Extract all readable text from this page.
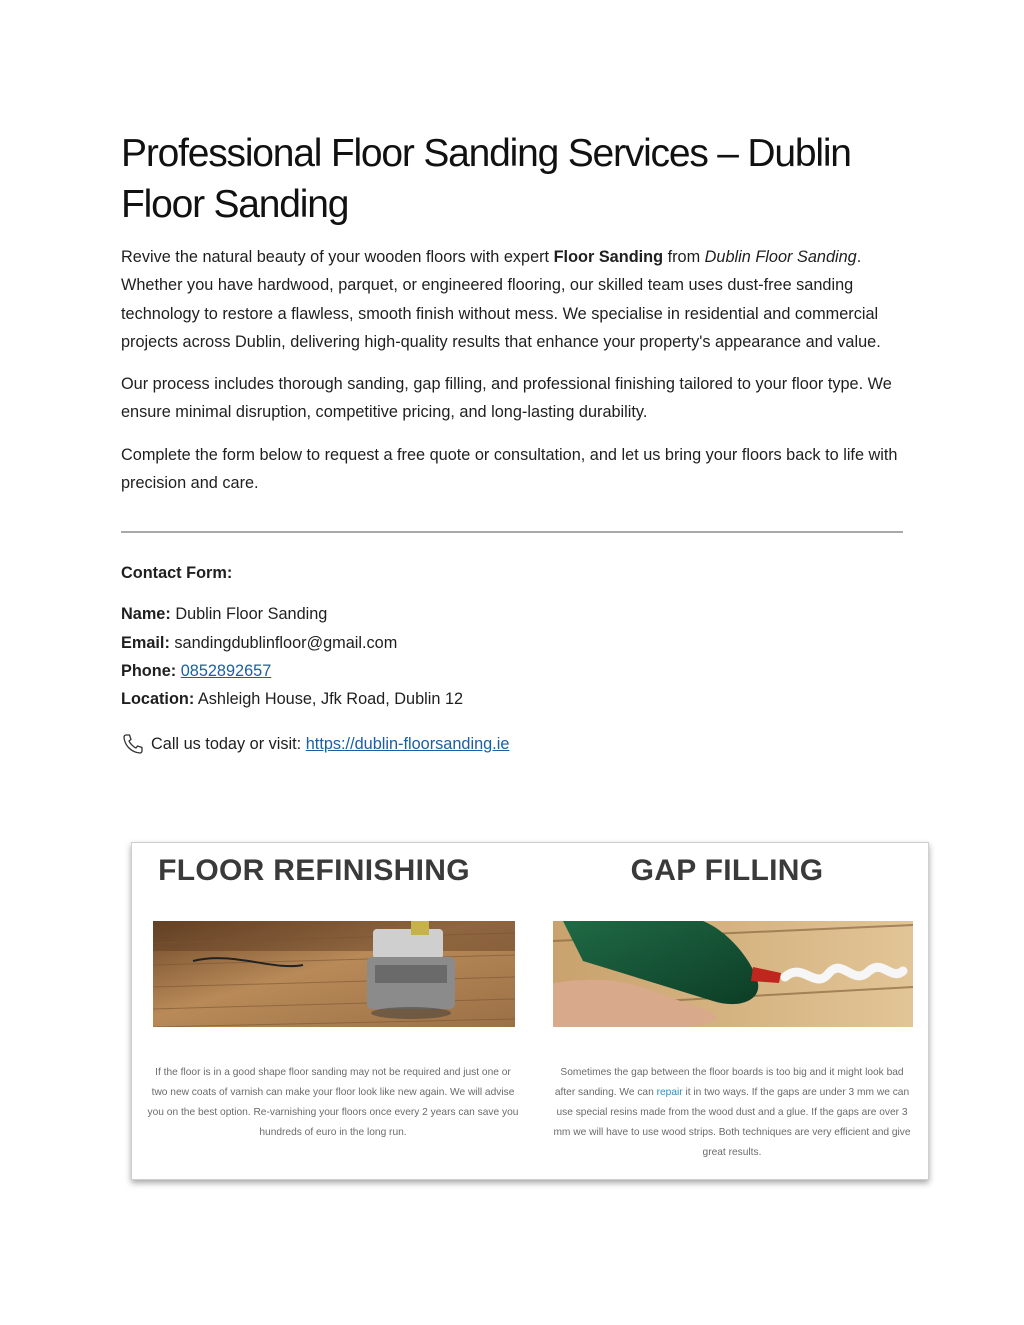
Professional Floor Sanding Services – Dublin Floor Sanding

Revive the natural beauty of your wooden floors with expert Floor Sanding from Dublin Floor Sanding. Whether you have hardwood, parquet, or engineered flooring, our skilled team uses dust-free sanding technology to restore a flawless, smooth finish without mess. We specialise in residential and commercial projects across Dublin, delivering high-quality results that enhance your property's appearance and value.

Our process includes thorough sanding, gap filling, and professional finishing tailored to your floor type. We ensure minimal disruption, competitive pricing, and long-lasting durability.

Complete the form below to request a free quote or consultation, and let us bring your floors back to life with precision and care.

Contact Form:
Name: Dublin Floor Sanding
Email: sandingdublinfloor@gmail.com
Phone: 0852892657
Location: Ashleigh House, Jfk Road, Dublin 12
Call us today or visit: https://dublin-floorsanding.ie
FLOOR REFINISHING
If the floor is in a good shape floor sanding may not be required and just one or two new coats of varnish can make your floor look like new again. We will advise you on the best option. Re-varnishing your floors once every 2 years can save you hundreds of euro in the long run.
GAP FILLING
Sometimes the gap between the floor boards is too big and it might look bad after sanding. We can repair it in two ways. If the gaps are under 3 mm we can use special resins made from the wood dust and a glue. If the gaps are over 3 mm we will have to use wood strips. Both techniques are very efficient and give great results.
